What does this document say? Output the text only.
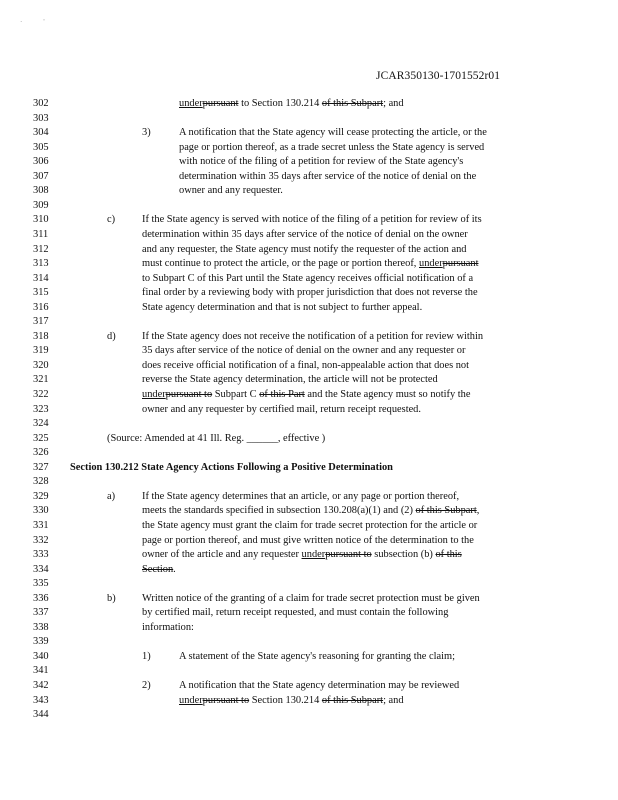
·            '
JCAR350130-1701552r01
302	underpursuant to Section 130.214 of this Subpart; and
303
304	3)	A notification that the State agency will cease protecting the article, or the
305	page or portion thereof, as a trade secret unless the State agency is served
306	with notice of the filing of a petition for review of the State agency's
307	determination within 35 days after service of the notice of denial on the
308	owner and any requester.
309
310	c)	If the State agency is served with notice of the filing of a petition for review of its
311	determination within 35 days after service of the notice of denial on the owner
312	and any requester, the State agency must notify the requester of the action and
313	must continue to protect the article, or the page or portion thereof, underpursuant
314	to Subpart C of this Part until the State agency receives official notification of a
315	final order by a reviewing body with proper jurisdiction that does not reverse the
316	State agency determination and that is not subject to further appeal.
317
318	d)	If the State agency does not receive the notification of a petition for review within
319	35 days after service of the notice of denial on the owner and any requester or
320	does receive official notification of a final, non-appealable action that does not
321	reverse the State agency determination, the article will not be protected
322	underpursuant to Subpart C of this Part and the State agency must so notify the
323	owner and any requester by certified mail, return receipt requested.
324
325	(Source: Amended at 41 Ill. Reg. ______, effective )
326
327	Section 130.212 State Agency Actions Following a Positive Determination
328
329	a)	If the State agency determines that an article, or any page or portion thereof,
330	meets the standards specified in subsection 130.208(a)(1) and (2) of this Subpart,
331	the State agency must grant the claim for trade secret protection for the article or
332	page or portion thereof, and must give written notice of the determination to the
333	owner of the article and any requester underpursuant to subsection (b) of this
334	Section.
335
336	b)	Written notice of the granting of a claim for trade secret protection must be given
337	by certified mail, return receipt requested, and must contain the following
338	information:
339
340	1)	A statement of the State agency's reasoning for granting the claim;
341
342	2)	A notification that the State agency determination may be reviewed
343	underpursuant to Section 130.214 of this Subpart; and
344
